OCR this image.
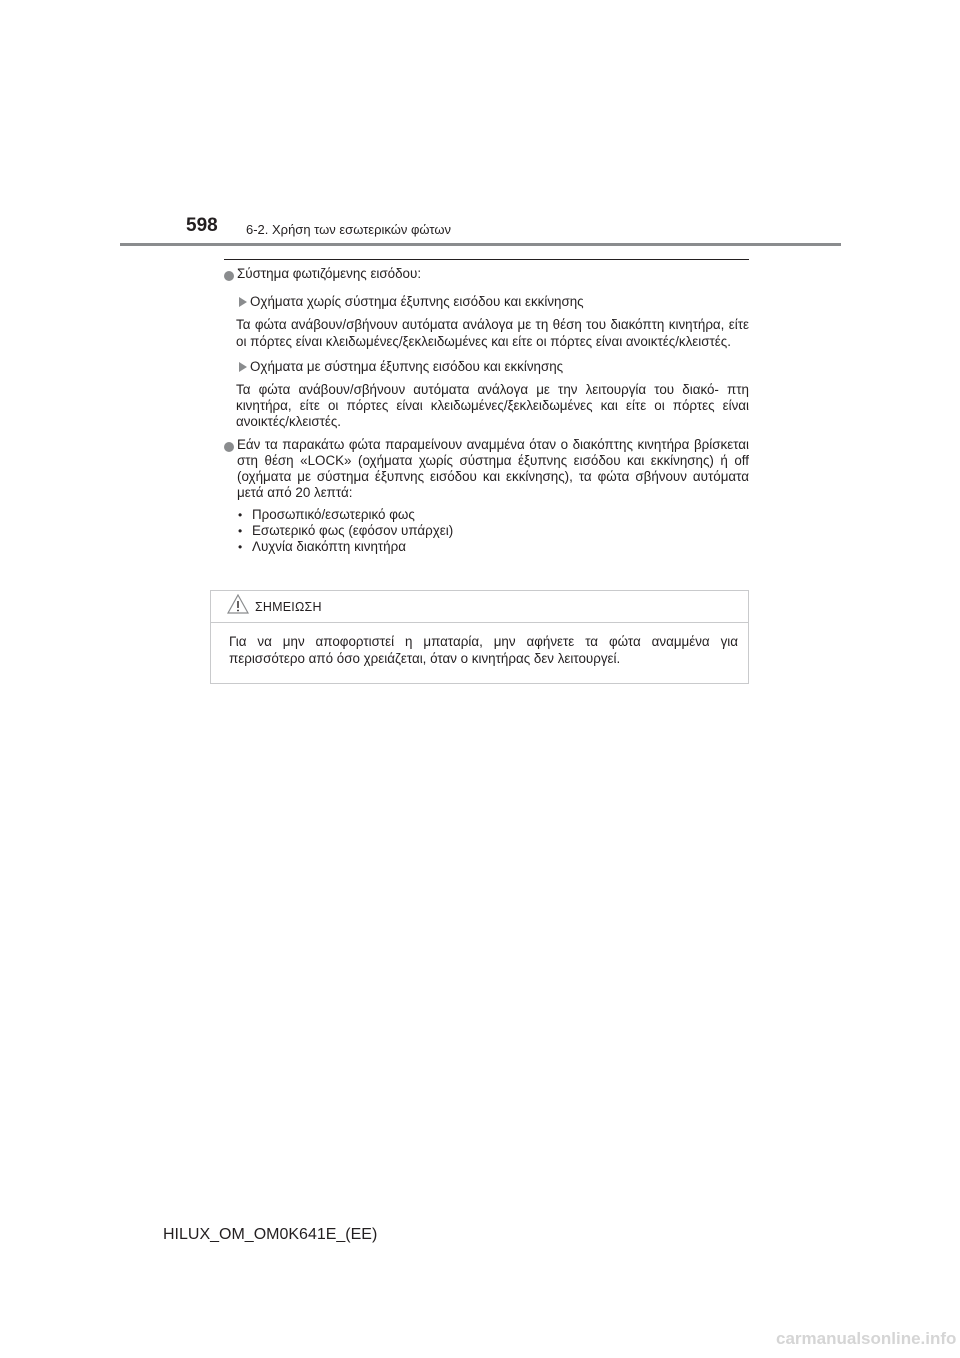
598 6-2. Χρήση των εσωτερικών φώτων
Σύστημα φωτιζόμενης εισόδου:
Οχήματα χωρίς σύστημα έξυπνης εισόδου και εκκίνησης
Τα φώτα ανάβουν/σβήνουν αυτόματα ανάλογα με τη θέση του διακόπτη κινητήρα, είτε οι πόρτες είναι κλειδωμένες/ξεκλειδωμένες και είτε οι πόρτες είναι ανοικτές/κλειστές.
Οχήματα με σύστημα έξυπνης εισόδου και εκκίνησης
Τα φώτα ανάβουν/σβήνουν αυτόματα ανάλογα με την λειτουργία του διακό- πτη κινητήρα, είτε οι πόρτες είναι κλειδωμένες/ξεκλειδωμένες και είτε οι πόρτες είναι ανοικτές/κλειστές.
Εάν τα παρακάτω φώτα παραμείνουν αναμμένα όταν ο διακόπτης κινητήρα βρίσκεται στη θέση «LOCK» (οχήματα χωρίς σύστημα έξυπνης εισόδου και εκκίνησης) ή off (οχήματα με σύστημα έξυπνης εισόδου και εκκίνησης), τα φώτα σβήνουν αυτόματα μετά από 20 λεπτά:
• Προσωπικό/εσωτερικό φως
• Εσωτερικό φως (εφόσον υπάρχει)
• Λυχνία διακόπτη κινητήρα
ΣΗΜΕΙΩΣΗ
Για να μην αποφορτιστεί η μπαταρία, μην αφήνετε τα φώτα αναμμένα για περισσότερο από όσο χρειάζεται, όταν ο κινητήρας δεν λειτουργεί.
HILUX_OM_OM0K641E_(EE)
carmanualsonline.info
